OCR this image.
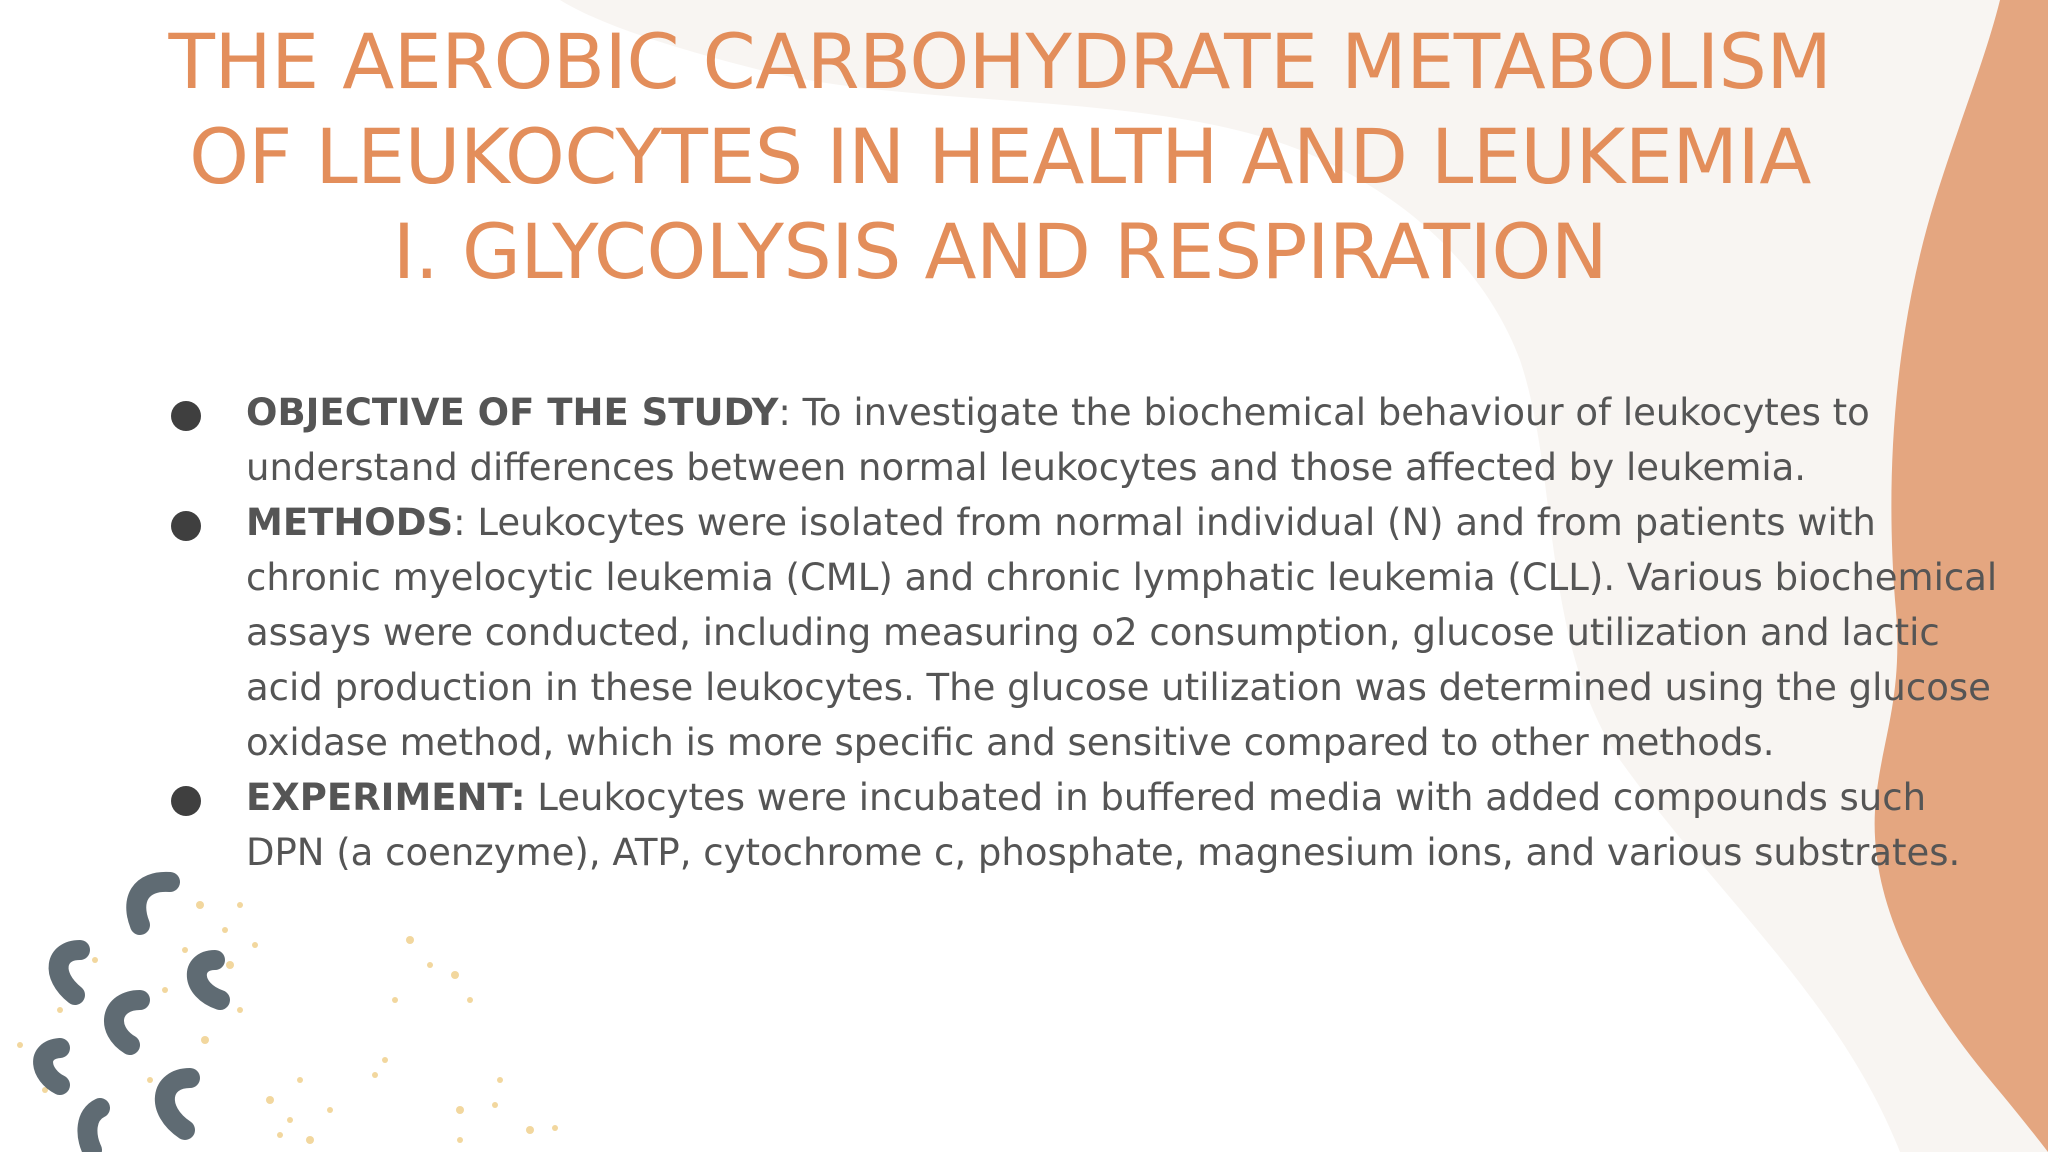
THE AEROBIC CARBOHYDRATE METABOLISM OF LEUKOCYTES IN HEALTH AND LEUKEMIA I. GLYCOLYSIS AND RESPIRATION
OBJECTIVE OF THE STUDY: To investigate the biochemical behaviour of leukocytes to understand differences between normal leukocytes and those affected by leukemia.
METHODS: Leukocytes were isolated from normal individual (N) and from patients with chronic myelocytic leukemia (CML) and chronic lymphatic leukemia (CLL). Various biochemical assays were conducted, including measuring o2 consumption, glucose utilization and lactic acid production in these leukocytes. The glucose utilization was determined using the glucose oxidase method, which is more specific and sensitive compared to other methods.
EXPERIMENT: Leukocytes were incubated in buffered media with added compounds such DPN (a coenzyme), ATP, cytochrome c, phosphate, magnesium ions, and various substrates.
